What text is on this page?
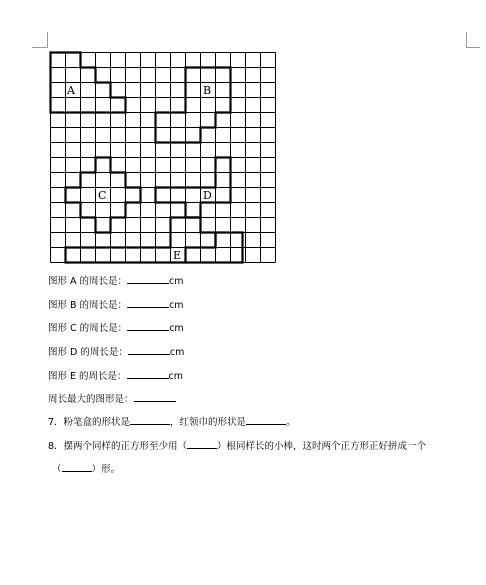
A	B
C	D
E
图形 A 的周长是：	cm
图形 B 的周长是：	cm
图形 C 的周长是：	cm
图形 D 的周长是：	cm
图形 E 的周长是：	cm
周长最大的图形是：
7．粉笔盒的形状是	，红领巾的形状是	。
8．摆两个同样的正方形至少用（	）根同样长的小棒，这时两个正方形正好拼成一个
（	）形。
